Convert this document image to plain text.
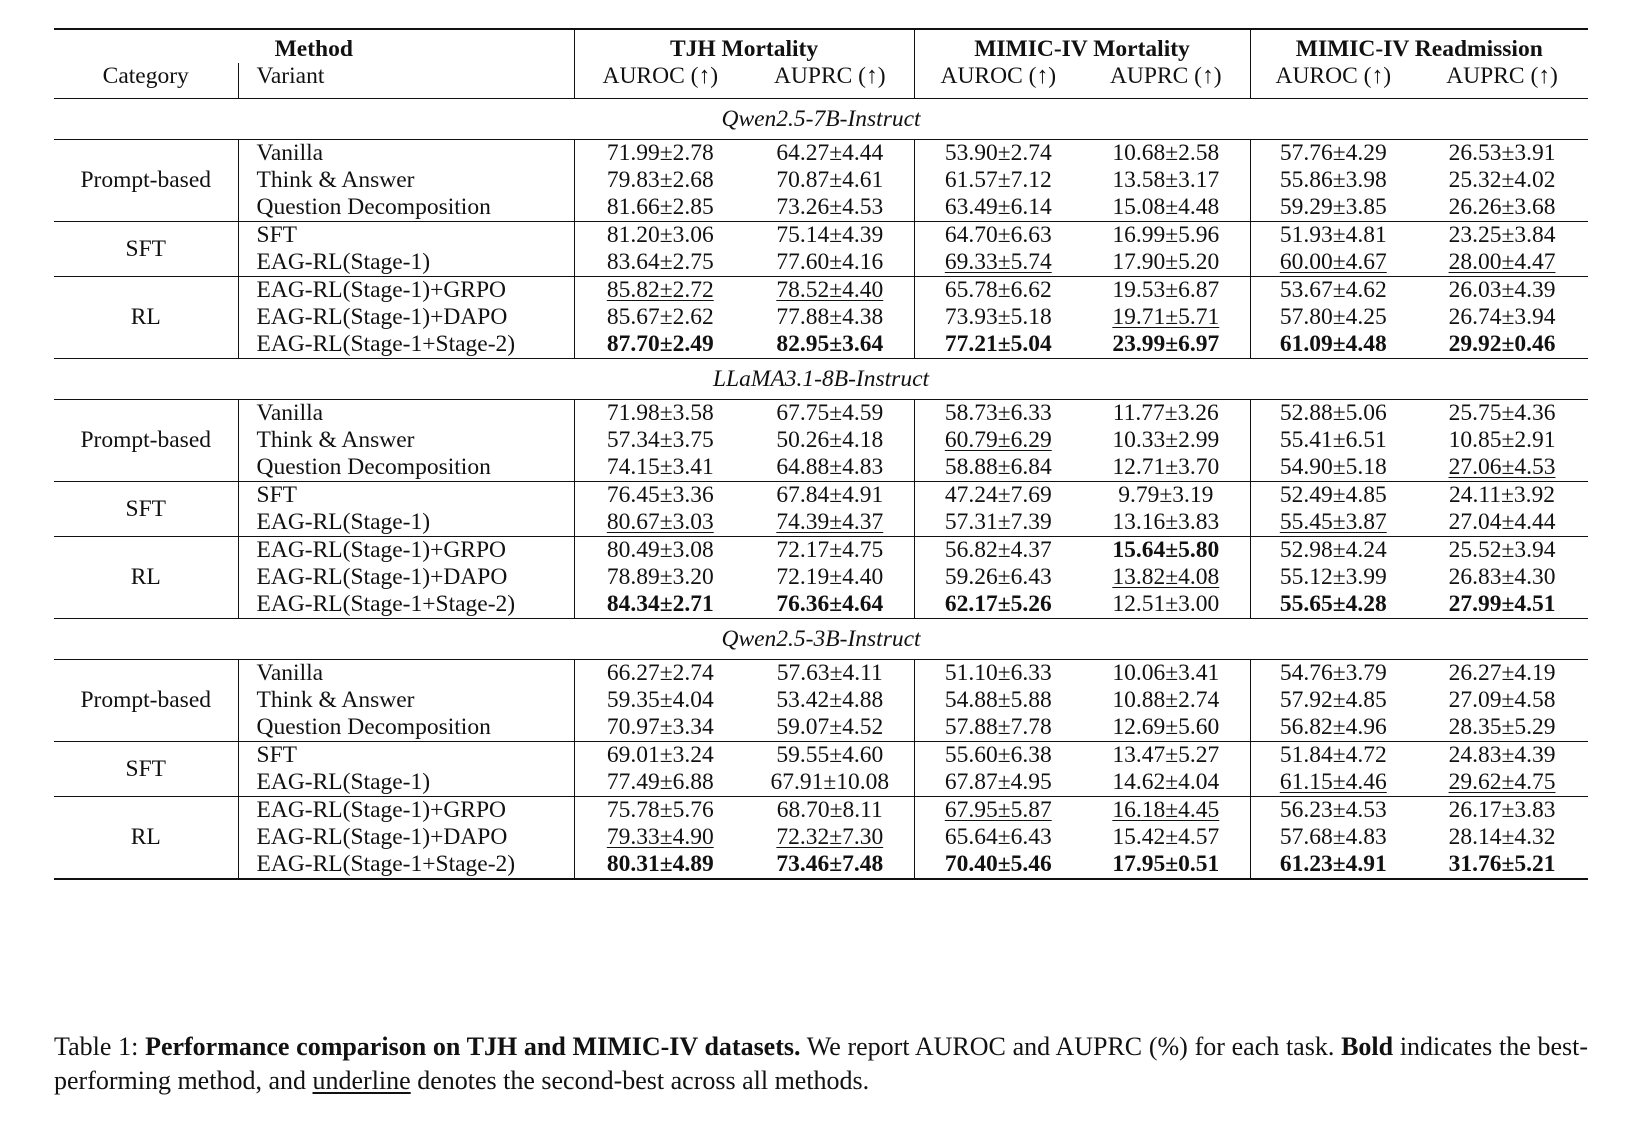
Method		TJH Mortality		MIMIC-IV Mortality		MIMIC-IV Readmission	
Category	Variant	AUROC (↑)	AUPRC (↑)	AUROC (↑)	AUPRC (↑)	AUROC (↑)	AUPRC (↑)
Qwen2.5-7B-Instruct							
Prompt-based	Vanilla	71.99±2.78	64.27±4.44	53.90±2.74	10.68±2.58	57.76±4.29	26.53±3.91
	Think & Answer	79.83±2.68	70.87±4.61	61.57±7.12	13.58±3.17	55.86±3.98	25.32±4.02
	Question Decomposition	81.66±2.85	73.26±4.53	63.49±6.14	15.08±4.48	59.29±3.85	26.26±3.68
SFT	SFT	81.20±3.06	75.14±4.39	64.70±6.63	16.99±5.96	51.93±4.81	23.25±3.84
	EAG-RL(Stage-1)	83.64±2.75	77.60±4.16	69.33±5.74	17.90±5.20	60.00±4.67	28.00±4.47
RL	EAG-RL(Stage-1)+GRPO	85.82±2.72	78.52±4.40	65.78±6.62	19.53±6.87	53.67±4.62	26.03±4.39
	EAG-RL(Stage-1)+DAPO	85.67±2.62	77.88±4.38	73.93±5.18	19.71±5.71	57.80±4.25	26.74±3.94
	EAG-RL(Stage-1+Stage-2)	87.70±2.49	82.95±3.64	77.21±5.04	23.99±6.97	61.09±4.48	29.92±0.46
LLaMA3.1-8B-Instruct							
Prompt-based	Vanilla	71.98±3.58	67.75±4.59	58.73±6.33	11.77±3.26	52.88±5.06	25.75±4.36
	Think & Answer	57.34±3.75	50.26±4.18	60.79±6.29	10.33±2.99	55.41±6.51	10.85±2.91
	Question Decomposition	74.15±3.41	64.88±4.83	58.88±6.84	12.71±3.70	54.90±5.18	27.06±4.53
SFT	SFT	76.45±3.36	67.84±4.91	47.24±7.69	9.79±3.19	52.49±4.85	24.11±3.92
	EAG-RL(Stage-1)	80.67±3.03	74.39±4.37	57.31±7.39	13.16±3.83	55.45±3.87	27.04±4.44
RL	EAG-RL(Stage-1)+GRPO	80.49±3.08	72.17±4.75	56.82±4.37	15.64±5.80	52.98±4.24	25.52±3.94
	EAG-RL(Stage-1)+DAPO	78.89±3.20	72.19±4.40	59.26±6.43	13.82±4.08	55.12±3.99	26.83±4.30
	EAG-RL(Stage-1+Stage-2)	84.34±2.71	76.36±4.64	62.17±5.26	12.51±3.00	55.65±4.28	27.99±4.51
Qwen2.5-3B-Instruct							
Prompt-based	Vanilla	66.27±2.74	57.63±4.11	51.10±6.33	10.06±3.41	54.76±3.79	26.27±4.19
	Think & Answer	59.35±4.04	53.42±4.88	54.88±5.88	10.88±2.74	57.92±4.85	27.09±4.58
	Question Decomposition	70.97±3.34	59.07±4.52	57.88±7.78	12.69±5.60	56.82±4.96	28.35±5.29
SFT	SFT	69.01±3.24	59.55±4.60	55.60±6.38	13.47±5.27	51.84±4.72	24.83±4.39
	EAG-RL(Stage-1)	77.49±6.88	67.91±10.08	67.87±4.95	14.62±4.04	61.15±4.46	29.62±4.75
RL	EAG-RL(Stage-1)+GRPO	75.78±5.76	68.70±8.11	67.95±5.87	16.18±4.45	56.23±4.53	26.17±3.83
	EAG-RL(Stage-1)+DAPO	79.33±4.90	72.32±7.30	65.64±6.43	15.42±4.57	57.68±4.83	28.14±4.32
	EAG-RL(Stage-1+Stage-2)	80.31±4.89	73.46±7.48	70.40±5.46	17.95±0.51	61.23±4.91	31.76±5.21
Table 1: Performance comparison on TJH and MIMIC-IV datasets. We report AUROC and AUPRC (%) for each task. Bold indicates the best-performing method, and underline denotes the second-best across all methods.
